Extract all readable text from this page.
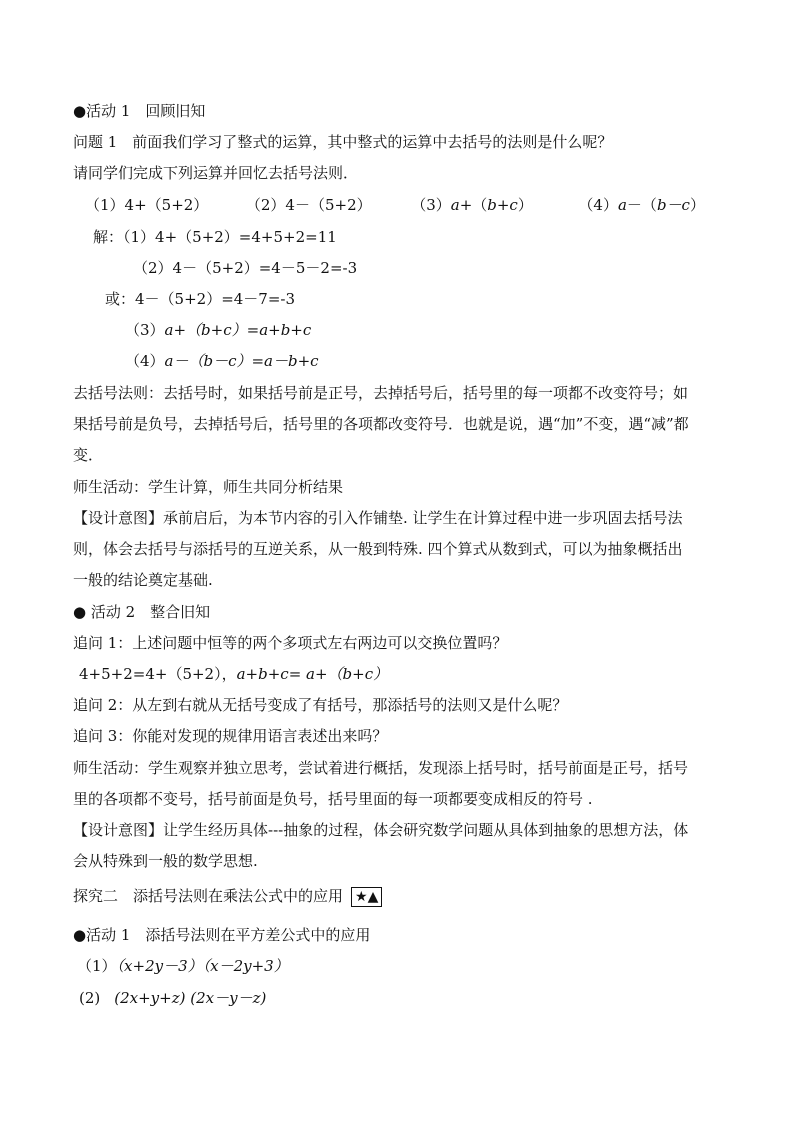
●活动 1　回顾旧知
问题 1　前面我们学习了整式的运算，其中整式的运算中去括号的法则是什么呢？
请同学们完成下列运算并回忆去括号法则．
（1）4+（5+2）	（2）4－（5+2）	（3）a+（b+c）	（4）a－（b－c）
解：（1）4+（5+2）=4+5+2=11
（2）4－（5+2）=4－5－2=-3
或：4－（5+2）=4－7=-3
（3）a+（b+c）=a+b+c
（4）a－（b－c）=a－b+c
去括号法则：去括号时，如果括号前是正号，去掉括号后，括号里的每一项都不改变符号；如
果括号前是负号，去掉括号后，括号里的各项都改变符号．也就是说，遇“加”不变，遇“减”都
变．
师生活动：学生计算，师生共同分析结果
【设计意图】承前启后，为本节内容的引入作铺垫. 让学生在计算过程中进一步巩固去括号法
则，体会去括号与添括号的互逆关系，从一般到特殊. 四个算式从数到式，可以为抽象概括出
一般的结论奠定基础.
● 活动 2　整合旧知
追问 1：上述问题中恒等的两个多项式左右两边可以交换位置吗？
4+5+2=4+（5+2），a+b+c= a+（b+c）
追问 2：从左到右就从无括号变成了有括号，那添括号的法则又是什么呢？
追问 3：你能对发现的规律用语言表述出来吗？
师生活动：学生观察并独立思考，尝试着进行概括，发现添上括号时，括号前面是正号，括号
里的各项都不变号，括号前面是负号，括号里面的每一项都要变成相反的符号 .
【设计意图】让学生经历具体---抽象的过程，体会研究数学问题从具体到抽象的思想方法，体
会从特殊到一般的数学思想.
探究二　添括号法则在乘法公式中的应用 ★▲
●活动 1　添括号法则在平方差公式中的应用
（1）（x+2y－3）（x－2y+3）
(2) (2x+y+z) (2x－y－z)
